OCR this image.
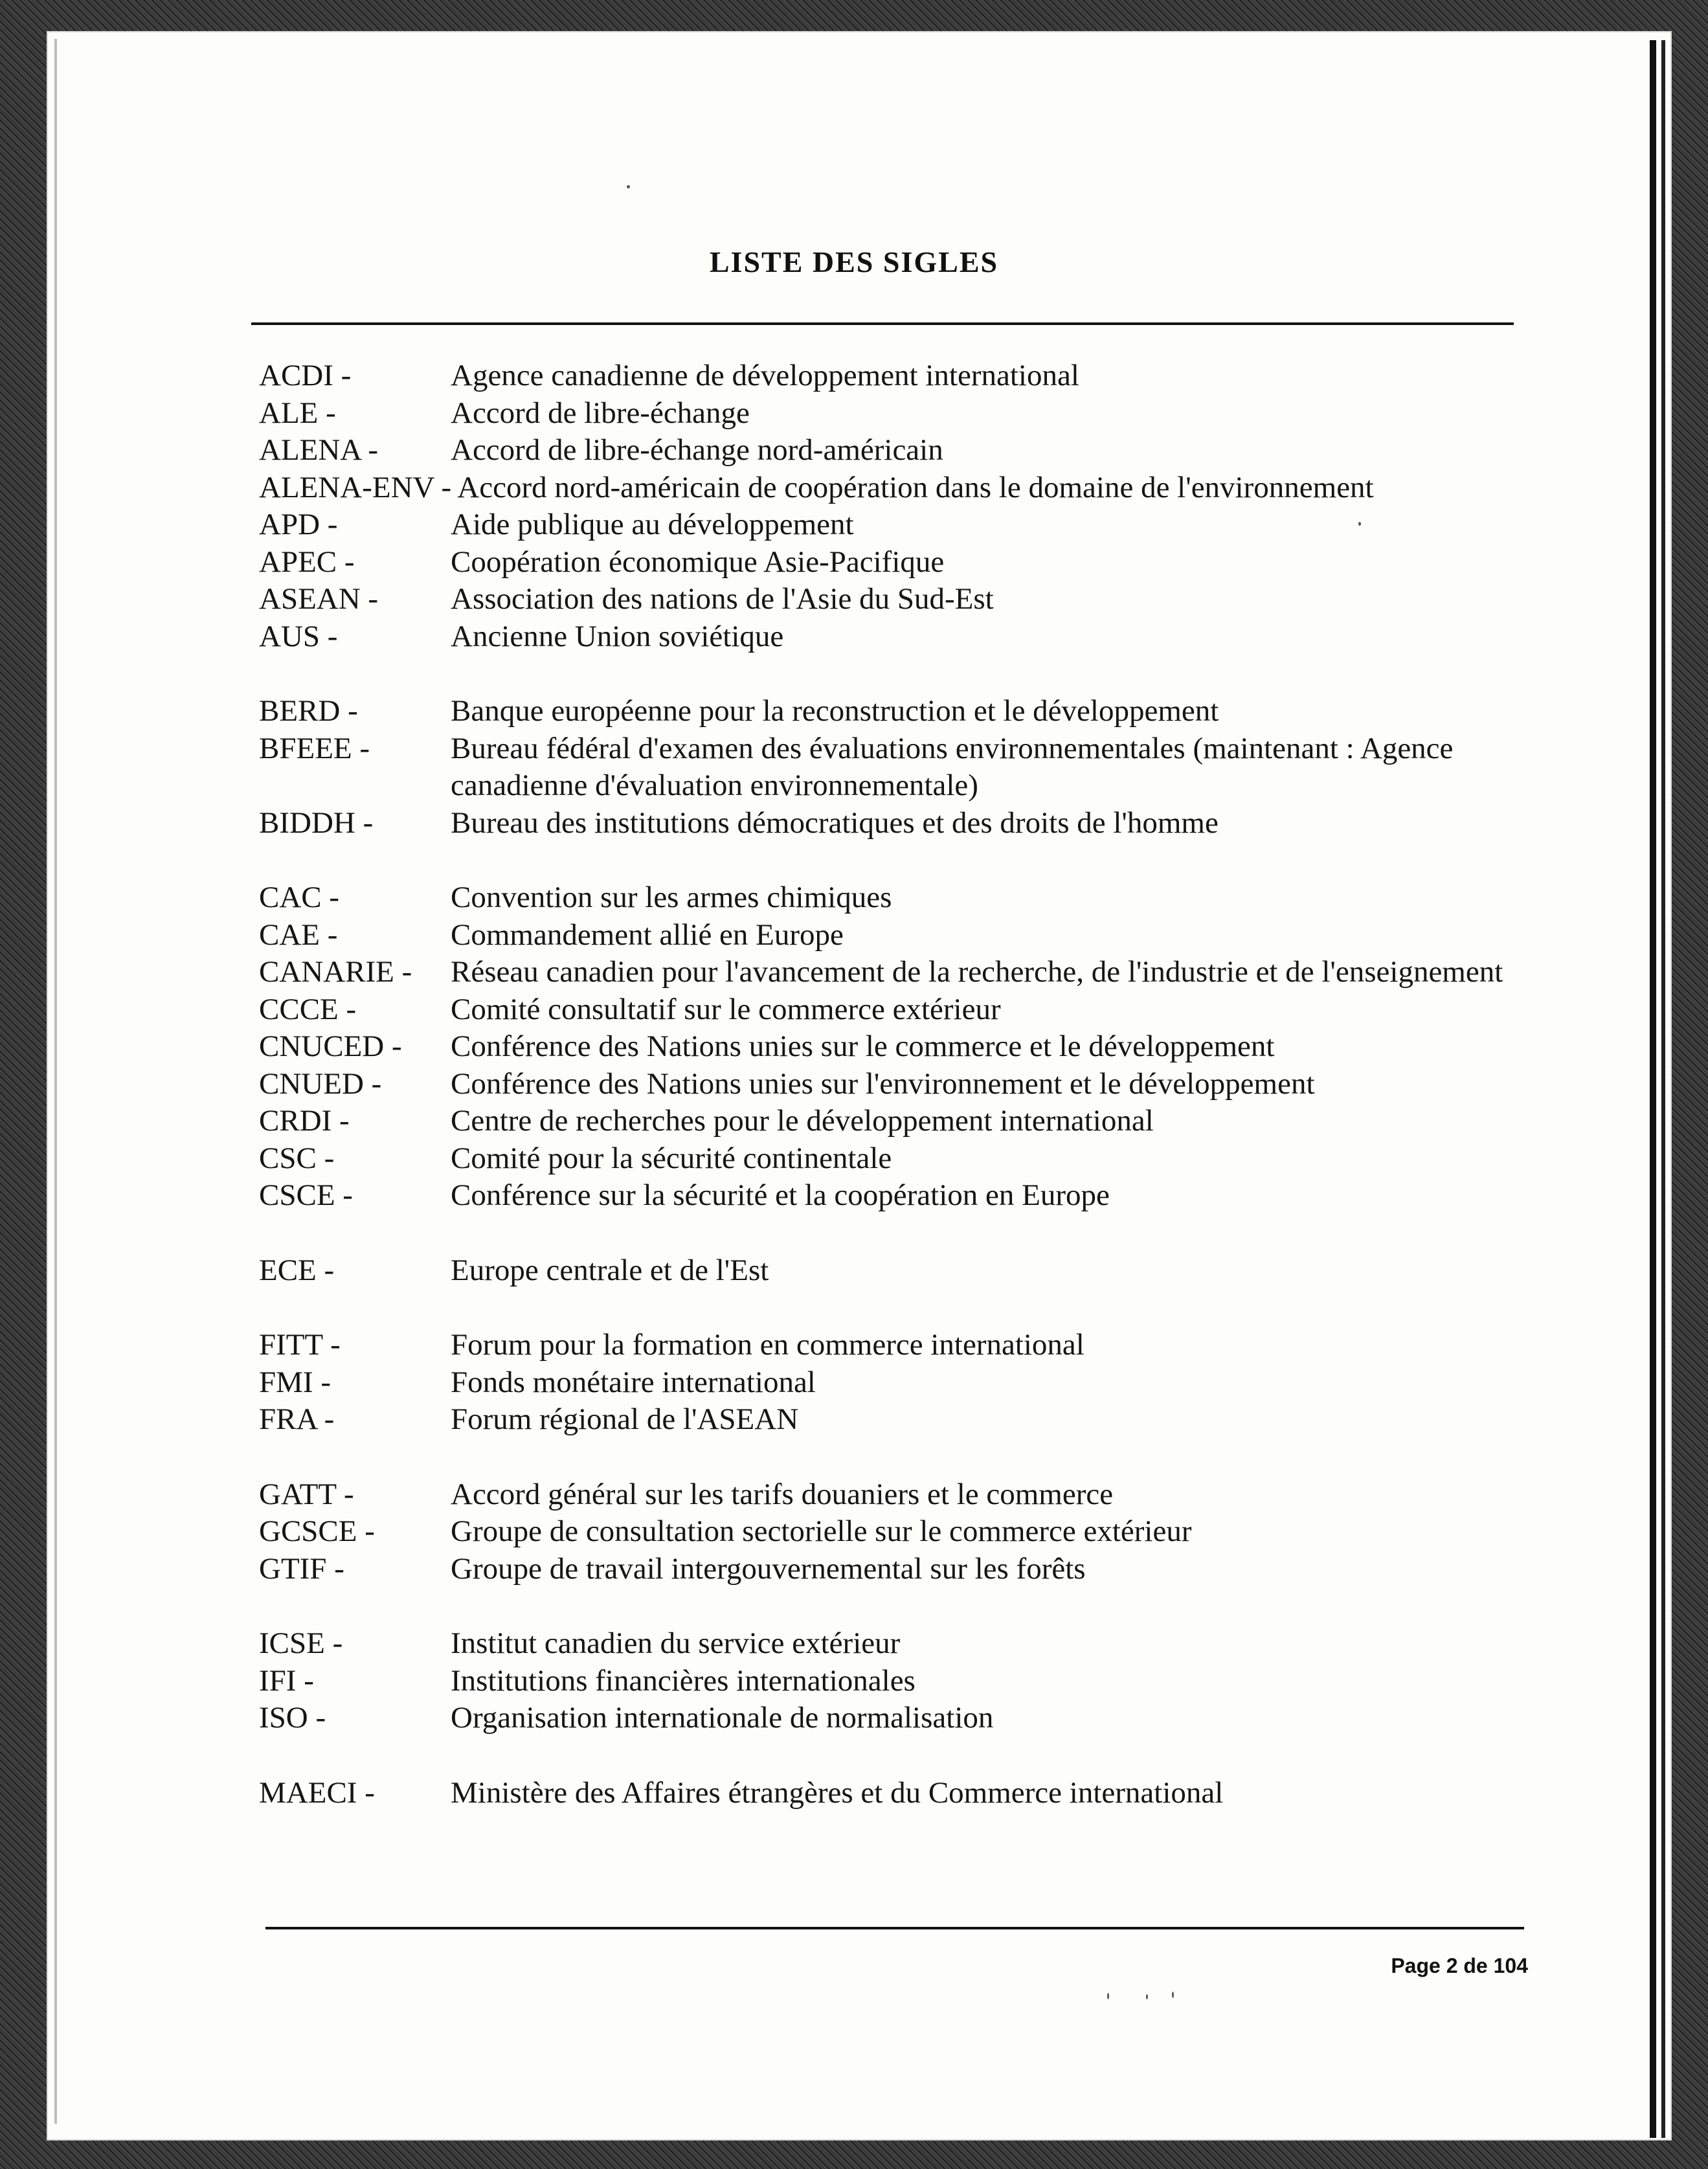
LISTE DES SIGLES
ACDI -	Agence canadienne de développement international
ALE -	Accord de libre-échange
ALENA -	Accord de libre-échange nord-américain
ALENA-ENV - Accord nord-américain de coopération dans le domaine de l'environnement
APD -	Aide publique au développement
APEC -	Coopération économique Asie-Pacifique
ASEAN -	Association des nations de l'Asie du Sud-Est
AUS -	Ancienne Union soviétique
BERD -	Banque européenne pour la reconstruction et le développement
BFEEE -	Bureau fédéral d'examen des évaluations environnementales (maintenant : Agence canadienne d'évaluation environnementale)
BIDDH -	Bureau des institutions démocratiques et des droits de l'homme
CAC -	Convention sur les armes chimiques
CAE -	Commandement allié en Europe
CANARIE -	Réseau canadien pour l'avancement de la recherche, de l'industrie et de l'enseignement
CCCE -	Comité consultatif sur le commerce extérieur
CNUCED -	Conférence des Nations unies sur le commerce et le développement
CNUED -	Conférence des Nations unies sur l'environnement et le développement
CRDI -	Centre de recherches pour le développement international
CSC -	Comité pour la sécurité continentale
CSCE -	Conférence sur la sécurité et la coopération en Europe
ECE -	Europe centrale et de l'Est
FITT -	Forum pour la formation en commerce international
FMI -	Fonds monétaire international
FRA -	Forum régional de l'ASEAN
GATT -	Accord général sur les tarifs douaniers et le commerce
GCSCE -	Groupe de consultation sectorielle sur le commerce extérieur
GTIF -	Groupe de travail intergouvernemental sur les forêts
ICSE -	Institut canadien du service extérieur
IFI -	Institutions financières internationales
ISO -	Organisation internationale de normalisation
MAECI -	Ministère des Affaires étrangères et du Commerce international
Page 2 de 104
